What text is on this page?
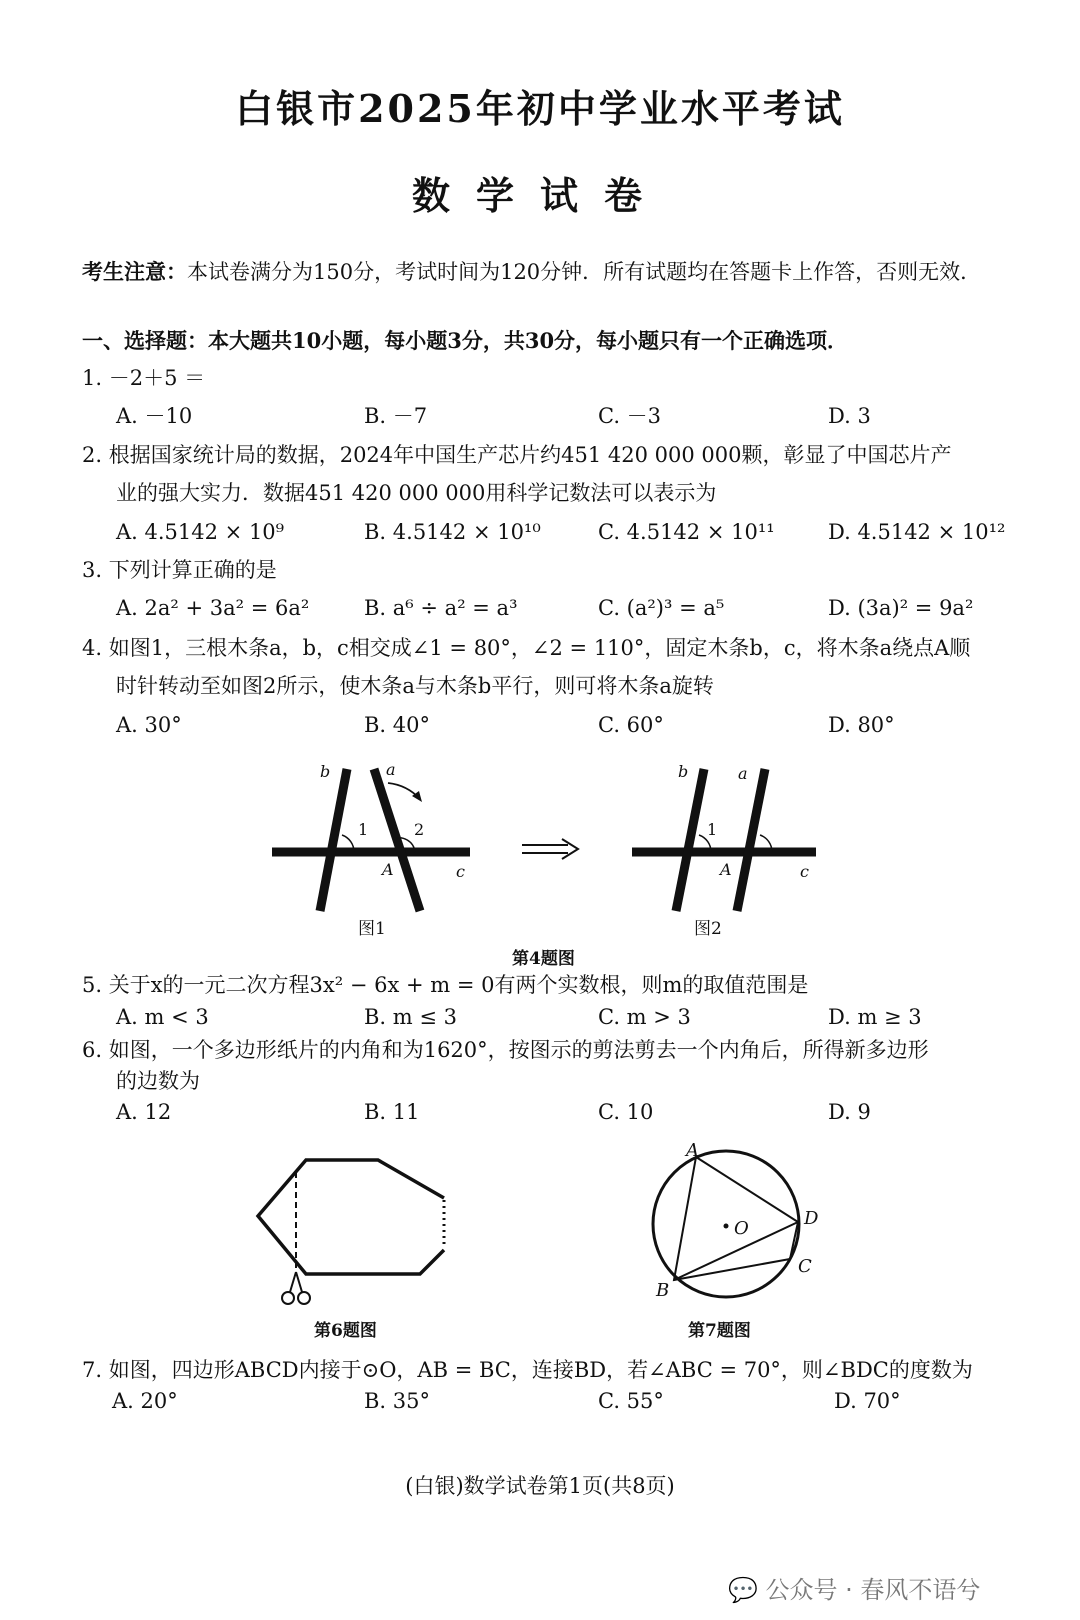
白银市2025年初中学业水平考试
数学试卷
考生注意：本试卷满分为150分，考试时间为120分钟．所有试题均在答题卡上作答，否则无效．
一、选择题：本大题共10小题，每小题3分，共30分，每小题只有一个正确选项．
1. －2＋5 ＝
A. －10	B. －7	C. －3	D. 3
2. 根据国家统计局的数据，2024年中国生产芯片约451 420 000 000颗，彰显了中国芯片产
业的强大实力．数据451 420 000 000用科学记数法可以表示为
A. 4.5142 × 10⁹	B. 4.5142 × 10¹⁰	C. 4.5142 × 10¹¹	D. 4.5142 × 10¹²
3. 下列计算正确的是
A. 2a² + 3a² = 6a²	B. a⁶ ÷ a² = a³	C. (a²)³ = a⁵	D. (3a)² = 9a²
4. 如图1，三根木条a，b，c相交成∠1 = 80°，∠2 = 110°，固定木条b，c，将木条a绕点A顺
时针转动至如图2所示，使木条a与木条b平行，则可将木条a旋转
A. 30°	B. 40°	C. 60°	D. 80°
b	a
1	2
A	c
图1
b	a
1
A	c
图2
第4题图
5. 关于x的一元二次方程3x² − 6x + m = 0有两个实数根，则m的取值范围是
A. m < 3	B. m ≤ 3	C. m > 3	D. m ≥ 3
6. 如图，一个多边形纸片的内角和为1620°，按图示的剪法剪去一个内角后，所得新多边形
的边数为
A. 12	B. 11	C. 10	D. 9
第6题图
A
O	D
C
B
第7题图
7. 如图，四边形ABCD内接于⊙O，AB = BC，连接BD，若∠ABC = 70°，则∠BDC的度数为
A. 20°	B. 35°	C. 55°	D. 70°
(白银)数学试卷第1页(共8页)
💬 公众号 · 春风不语兮
